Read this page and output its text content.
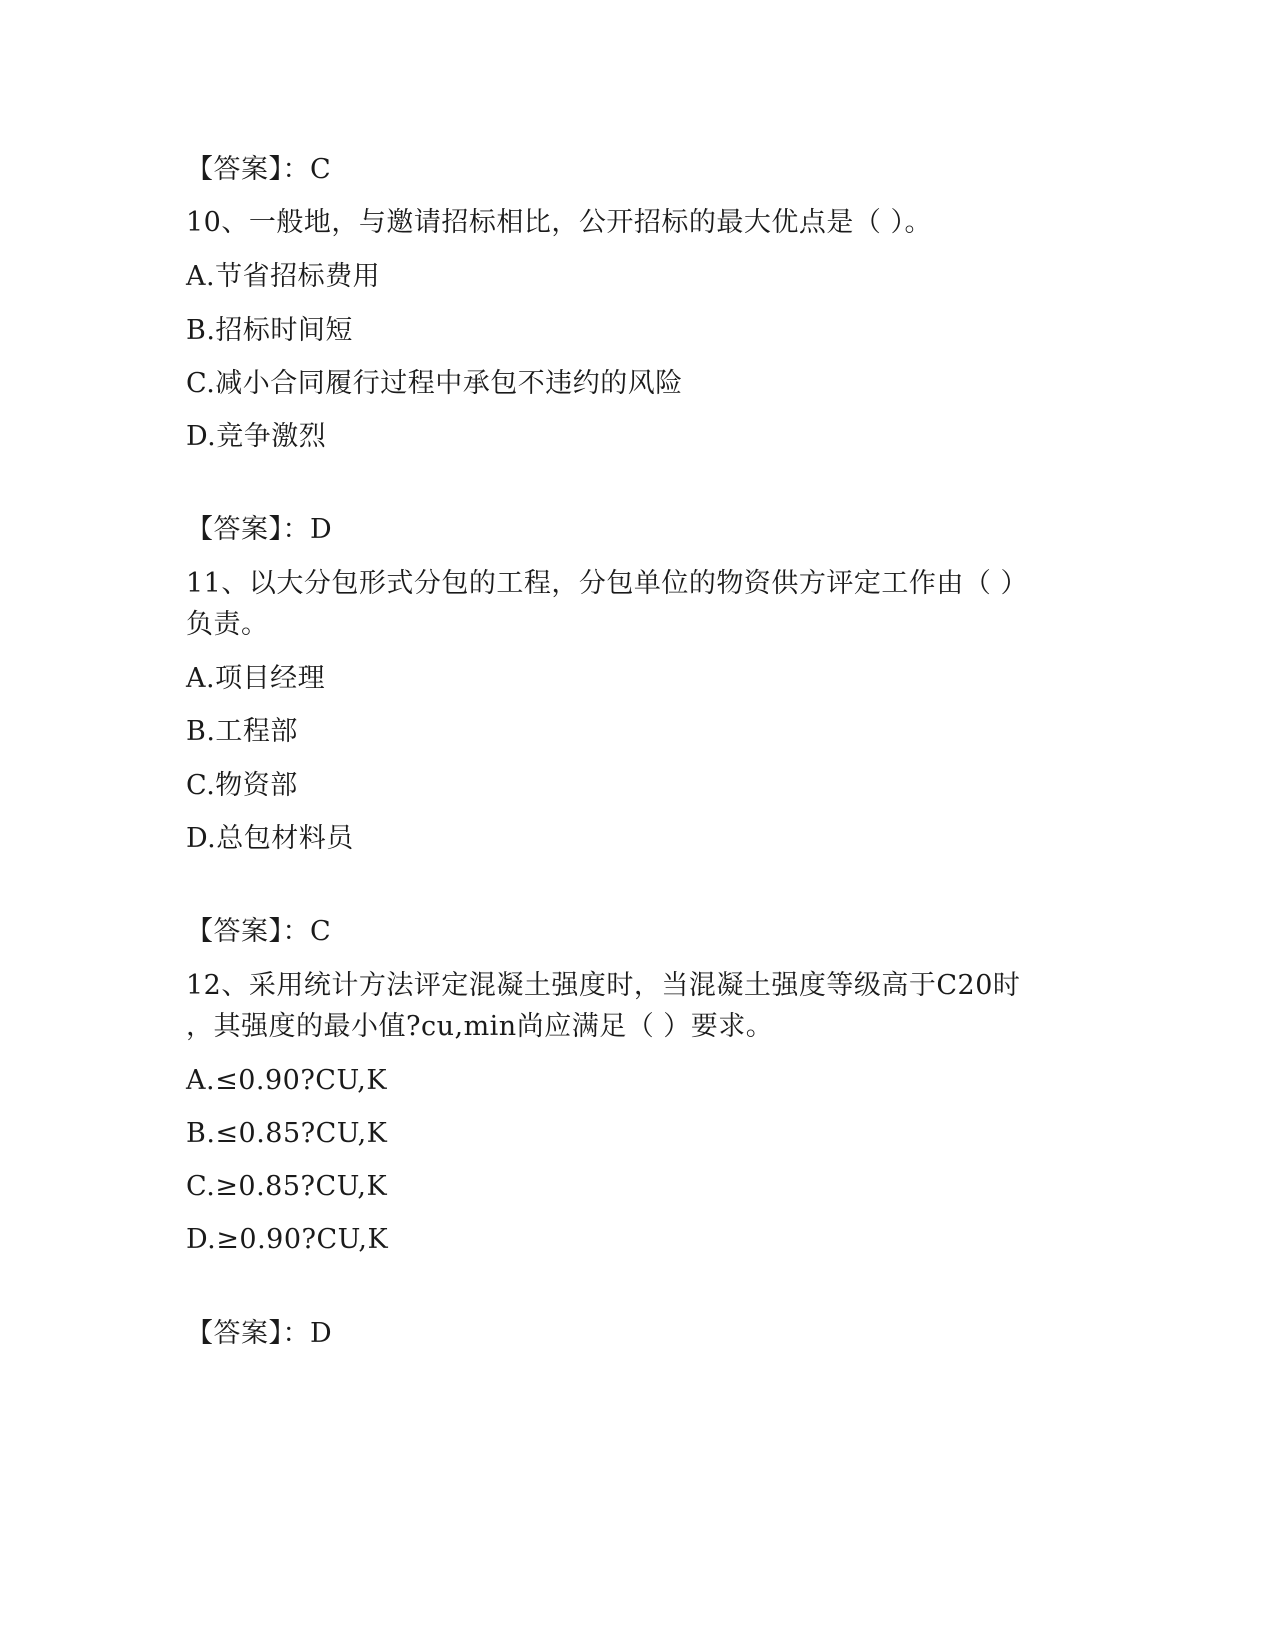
【答案】：C
10、一般地，与邀请招标相比，公开招标的最大优点是（ ）。
A.节省招标费用
B.招标时间短
C.减小合同履行过程中承包不违约的风险
D.竞争激烈
【答案】：D
11、以大分包形式分包的工程，分包单位的物资供方评定工作由（ ）
负责。
A.项目经理
B.工程部
C.物资部
D.总包材料员
【答案】：C
12、采用统计方法评定混凝土强度时，当混凝土强度等级高于C20时
，其强度的最小值?cu,min尚应满足（ ）要求。
A.≤0.90?CU,K
B.≤0.85?CU,K
C.≥0.85?CU,K
D.≥0.90?CU,K
【答案】：D
